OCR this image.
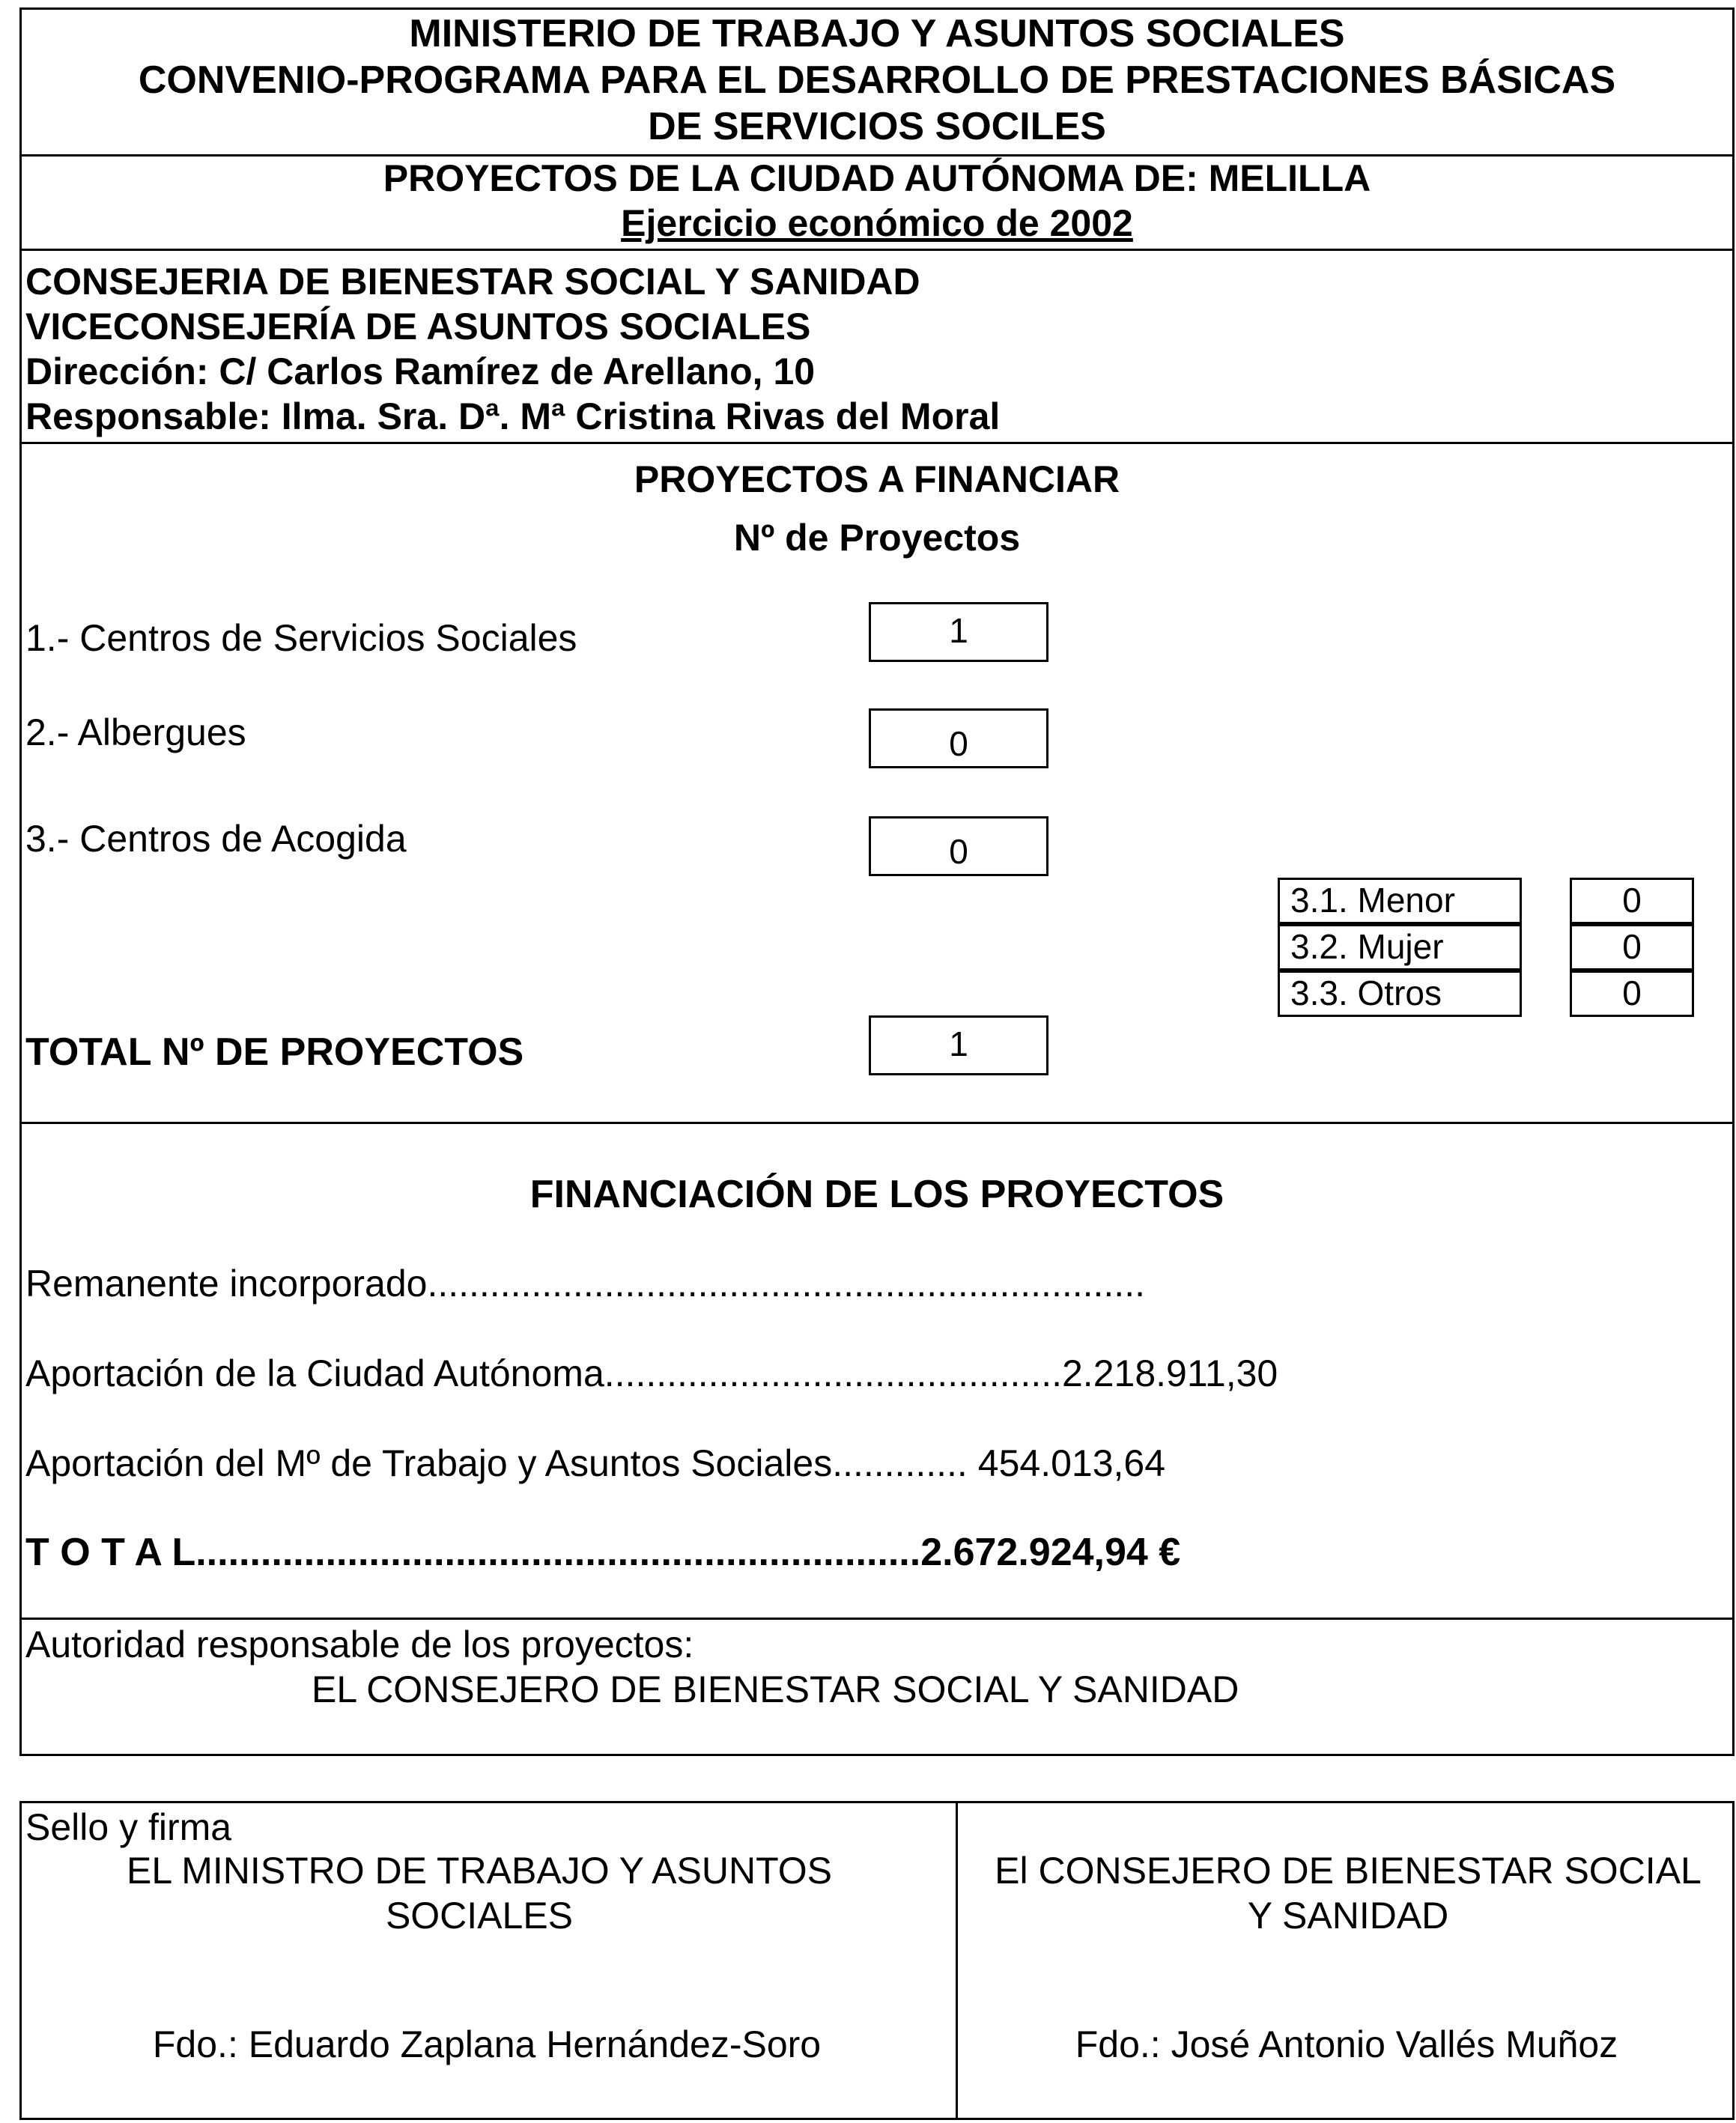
MINISTERIO DE TRABAJO Y ASUNTOS SOCIALES
CONVENIO-PROGRAMA PARA EL DESARROLLO DE PRESTACIONES BÁSICAS
DE SERVICIOS SOCILES
PROYECTOS DE LA CIUDAD AUTÓNOMA DE: MELILLA
Ejercicio económico de 2002
CONSEJERIA DE BIENESTAR SOCIAL Y SANIDAD
VICECONSEJERÍA DE ASUNTOS SOCIALES
Dirección: C/ Carlos Ramírez de Arellano, 10
Responsable: Ilma. Sra. Dª. Mª Cristina Rivas del Moral
PROYECTOS A FINANCIAR
Nº de Proyectos
1.- Centros de Servicios Sociales	1
2.- Albergues	0
3.- Centros de Acogida	0
3.1. Menor	0
3.2. Mujer	0
3.3. Otros	0
TOTAL Nº DE PROYECTOS	1
FINANCIACIÓN DE LOS PROYECTOS
Remanente incorporado.....................................................................
Aportación de la Ciudad Autónoma............................................2.218.911,30
Aportación del Mº de Trabajo y Asuntos Sociales............. 454.013,64
T O T A L...................................................................2.672.924,94 €
Autoridad responsable de los proyectos:
EL CONSEJERO DE BIENESTAR SOCIAL Y SANIDAD
Sello y firma
EL MINISTRO DE TRABAJO Y ASUNTOS SOCIALES
Fdo.: Eduardo Zaplana Hernández-Soro
El CONSEJERO DE BIENESTAR SOCIAL Y SANIDAD
Fdo.: José Antonio Vallés Muñoz
